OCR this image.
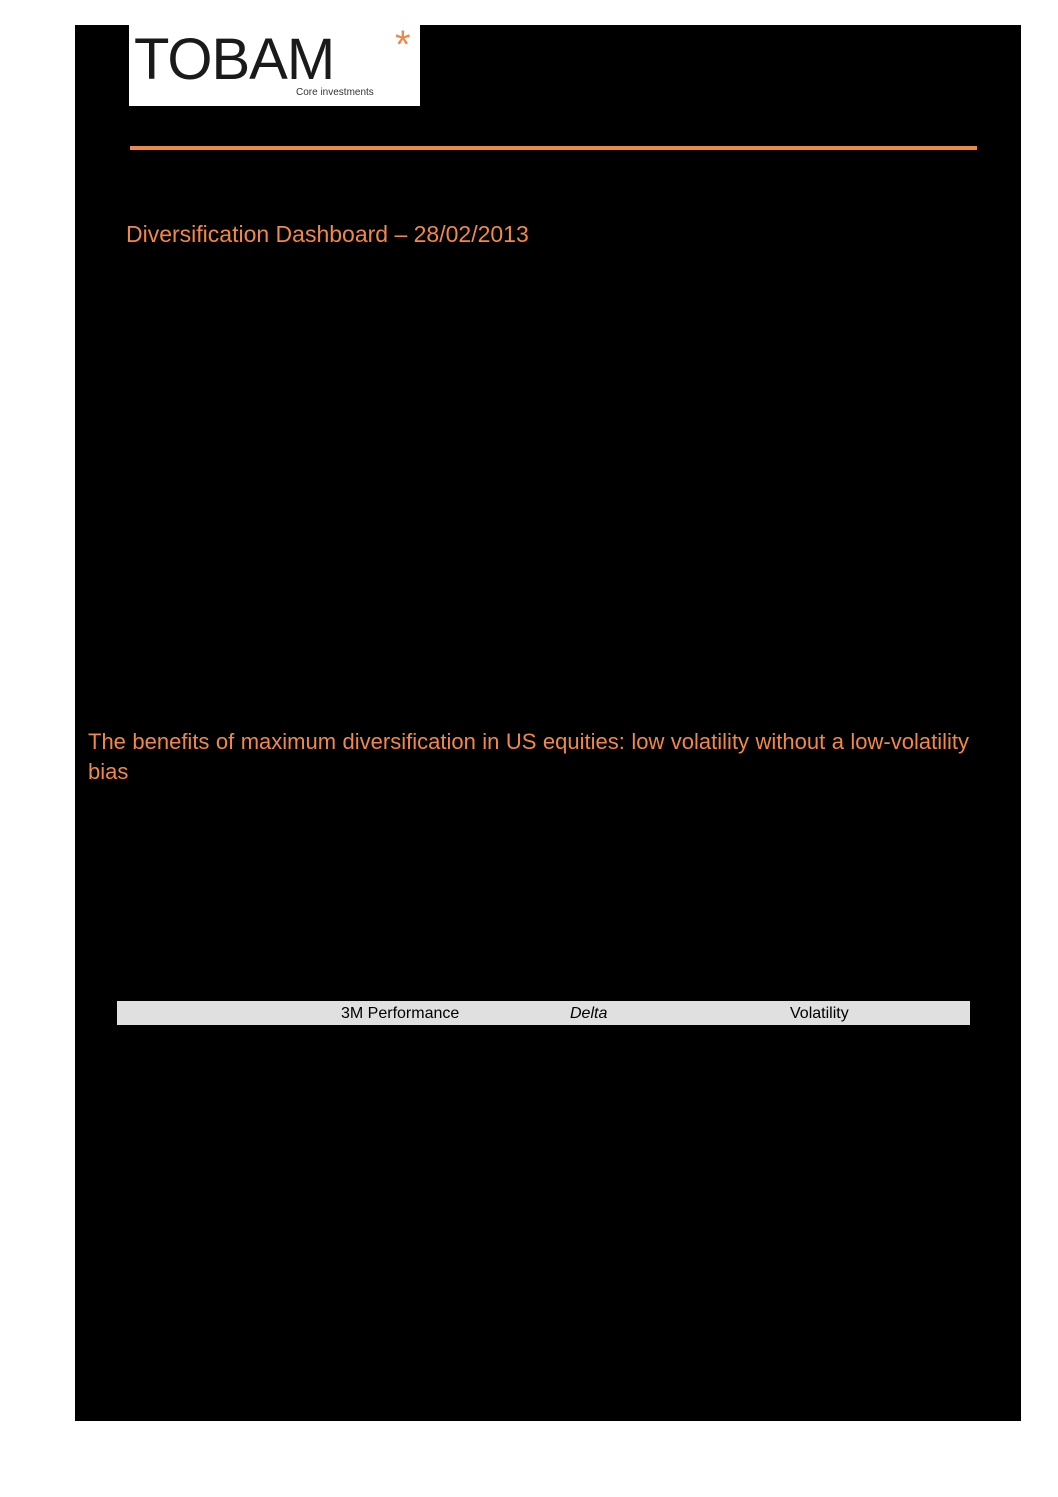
TOBAM *
Core investments
Diversification Dashboard – 28/02/2013
The benefits of maximum diversification in US equities: low volatility without a low-volatility bias
3M Performance	Delta	Volatility
